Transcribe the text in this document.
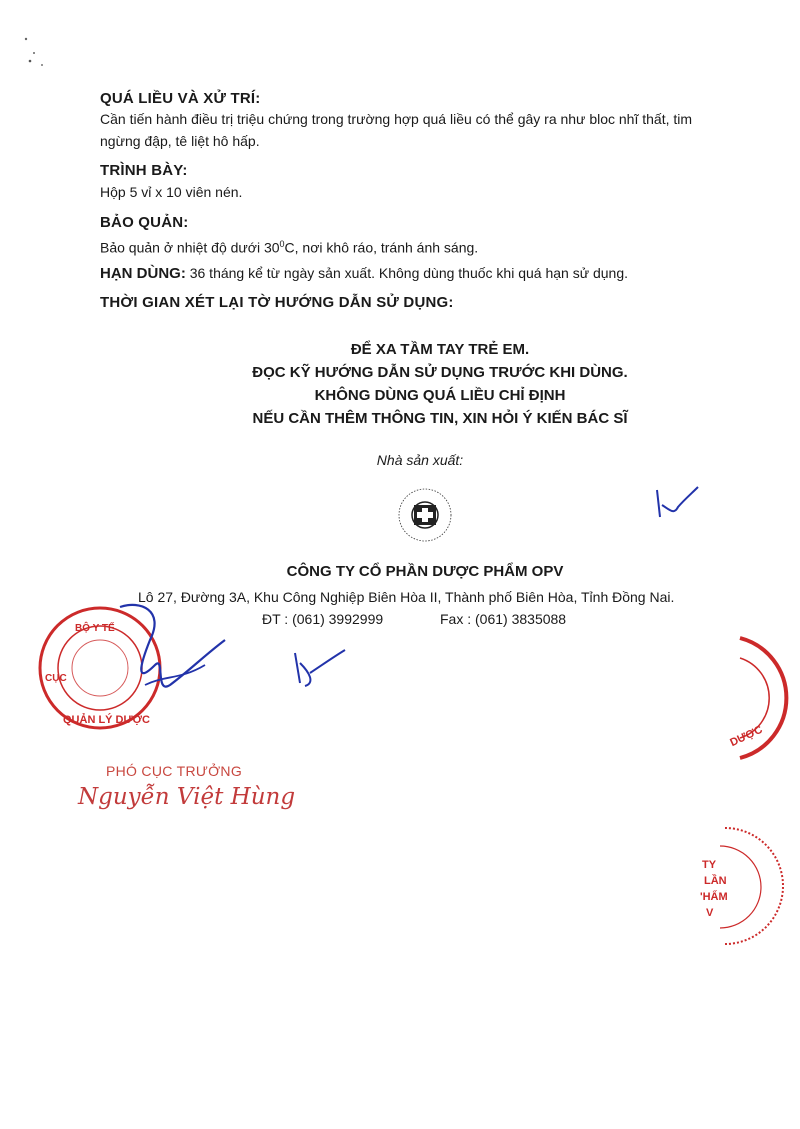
QUÁ LIỀU VÀ XỬ TRÍ:
Cần tiến hành điều trị triệu chứng trong trường hợp quá liều có thể gây ra như bloc nhĩ thất, tim
ngừng đập, tê liệt hô hấp.
TRÌNH BÀY:
Hộp 5 vỉ x 10 viên nén.
BẢO QUẢN:
Bảo quản ở nhiệt độ dưới $30^0C$, nơi khô ráo, tránh ánh sáng.
HẠN DÙNG: 36 tháng kể từ ngày sản xuất. Không dùng thuốc khi quá hạn sử dụng.
THỜI GIAN XÉT LẠI TỜ HƯỚNG DẪN SỬ DỤNG:
ĐỂ XA TẦM TAY TRẺ EM.
ĐỌC KỸ HƯỚNG DẪN SỬ DỤNG TRƯỚC KHI DÙNG.
KHÔNG DÙNG QUÁ LIỀU CHỈ ĐỊNH
NẾU CẦN THÊM THÔNG TIN, XIN HỎI Ý KIẾN BÁC SĨ
Nhà sản xuất:
CÔNG TY CỔ PHẦN DƯỢC PHẨM OPV
Lô 27, Đường 3A, Khu Công Nghiệp Biên Hòa II, Thành phố Biên Hòa, Tỉnh Đồng Nai.
ĐT : (061) 3992999	Fax : (061) 3835088
BỘ Y TẾ
CỤC
QUẢN LÝ DƯỢC
PHÓ CỤC TRƯỞNG
Nguyễn Việt Hùng
DƯỢC
TY
LẦN
'HẨM
V
